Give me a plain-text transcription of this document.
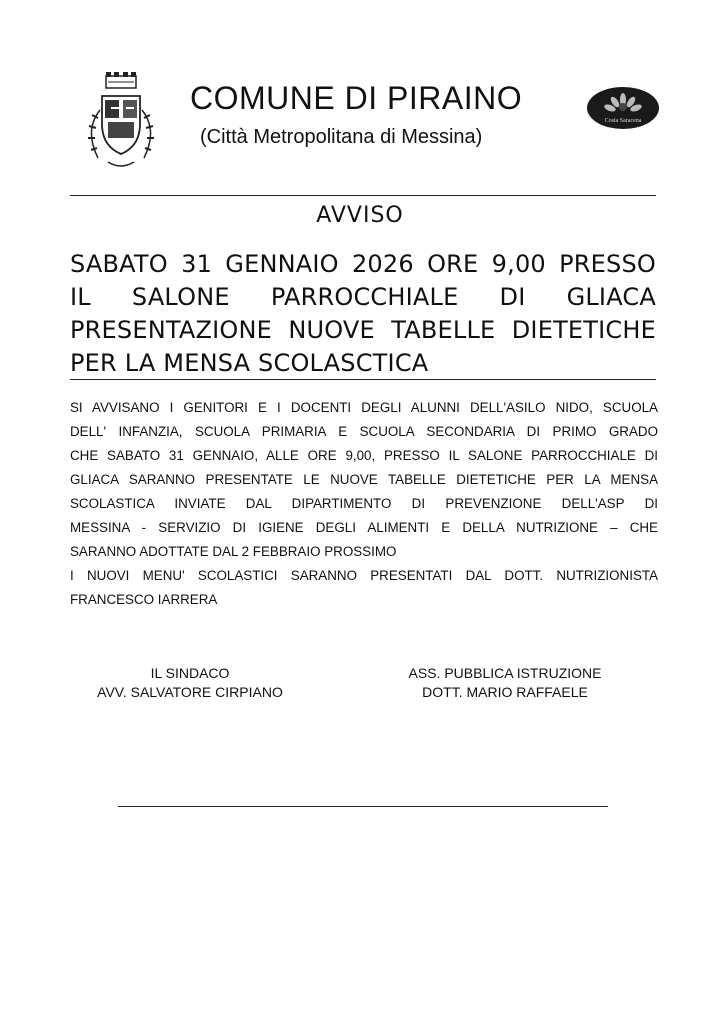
COMUNE DI PIRAINO
(Città Metropolitana di Messina)
Costa Saracena
AVVISO
SABATO 31 GENNAIO 2026 ORE 9,00 PRESSO
IL SALONE PARROCCHIALE DI GLIACA
PRESENTAZIONE NUOVE TABELLE DIETETICHE
PER LA MENSA SCOLASCTICA
SI AVVISANO I GENITORI E I DOCENTI DEGLI ALUNNI DELL'ASILO NIDO, SCUOLA
DELL' INFANZIA, SCUOLA PRIMARIA E SCUOLA SECONDARIA DI PRIMO GRADO
CHE SABATO 31 GENNAIO, ALLE ORE 9,00, PRESSO IL SALONE PARROCCHIALE DI
GLIACA SARANNO PRESENTATE LE NUOVE TABELLE DIETETICHE PER LA MENSA
SCOLASTICA INVIATE DAL DIPARTIMENTO DI PREVENZIONE DELL'ASP DI
MESSINA - SERVIZIO DI IGIENE DEGLI ALIMENTI E DELLA NUTRIZIONE – CHE
SARANNO ADOTTATE DAL 2 FEBBRAIO PROSSIMO
I NUOVI MENU' SCOLASTICI SARANNO PRESENTATI DAL DOTT. NUTRIZIONISTA
FRANCESCO IARRERA
IL SINDACO
AVV. SALVATORE CIRPIANO
ASS. PUBBLICA ISTRUZIONE
DOTT. MARIO RAFFAELE
